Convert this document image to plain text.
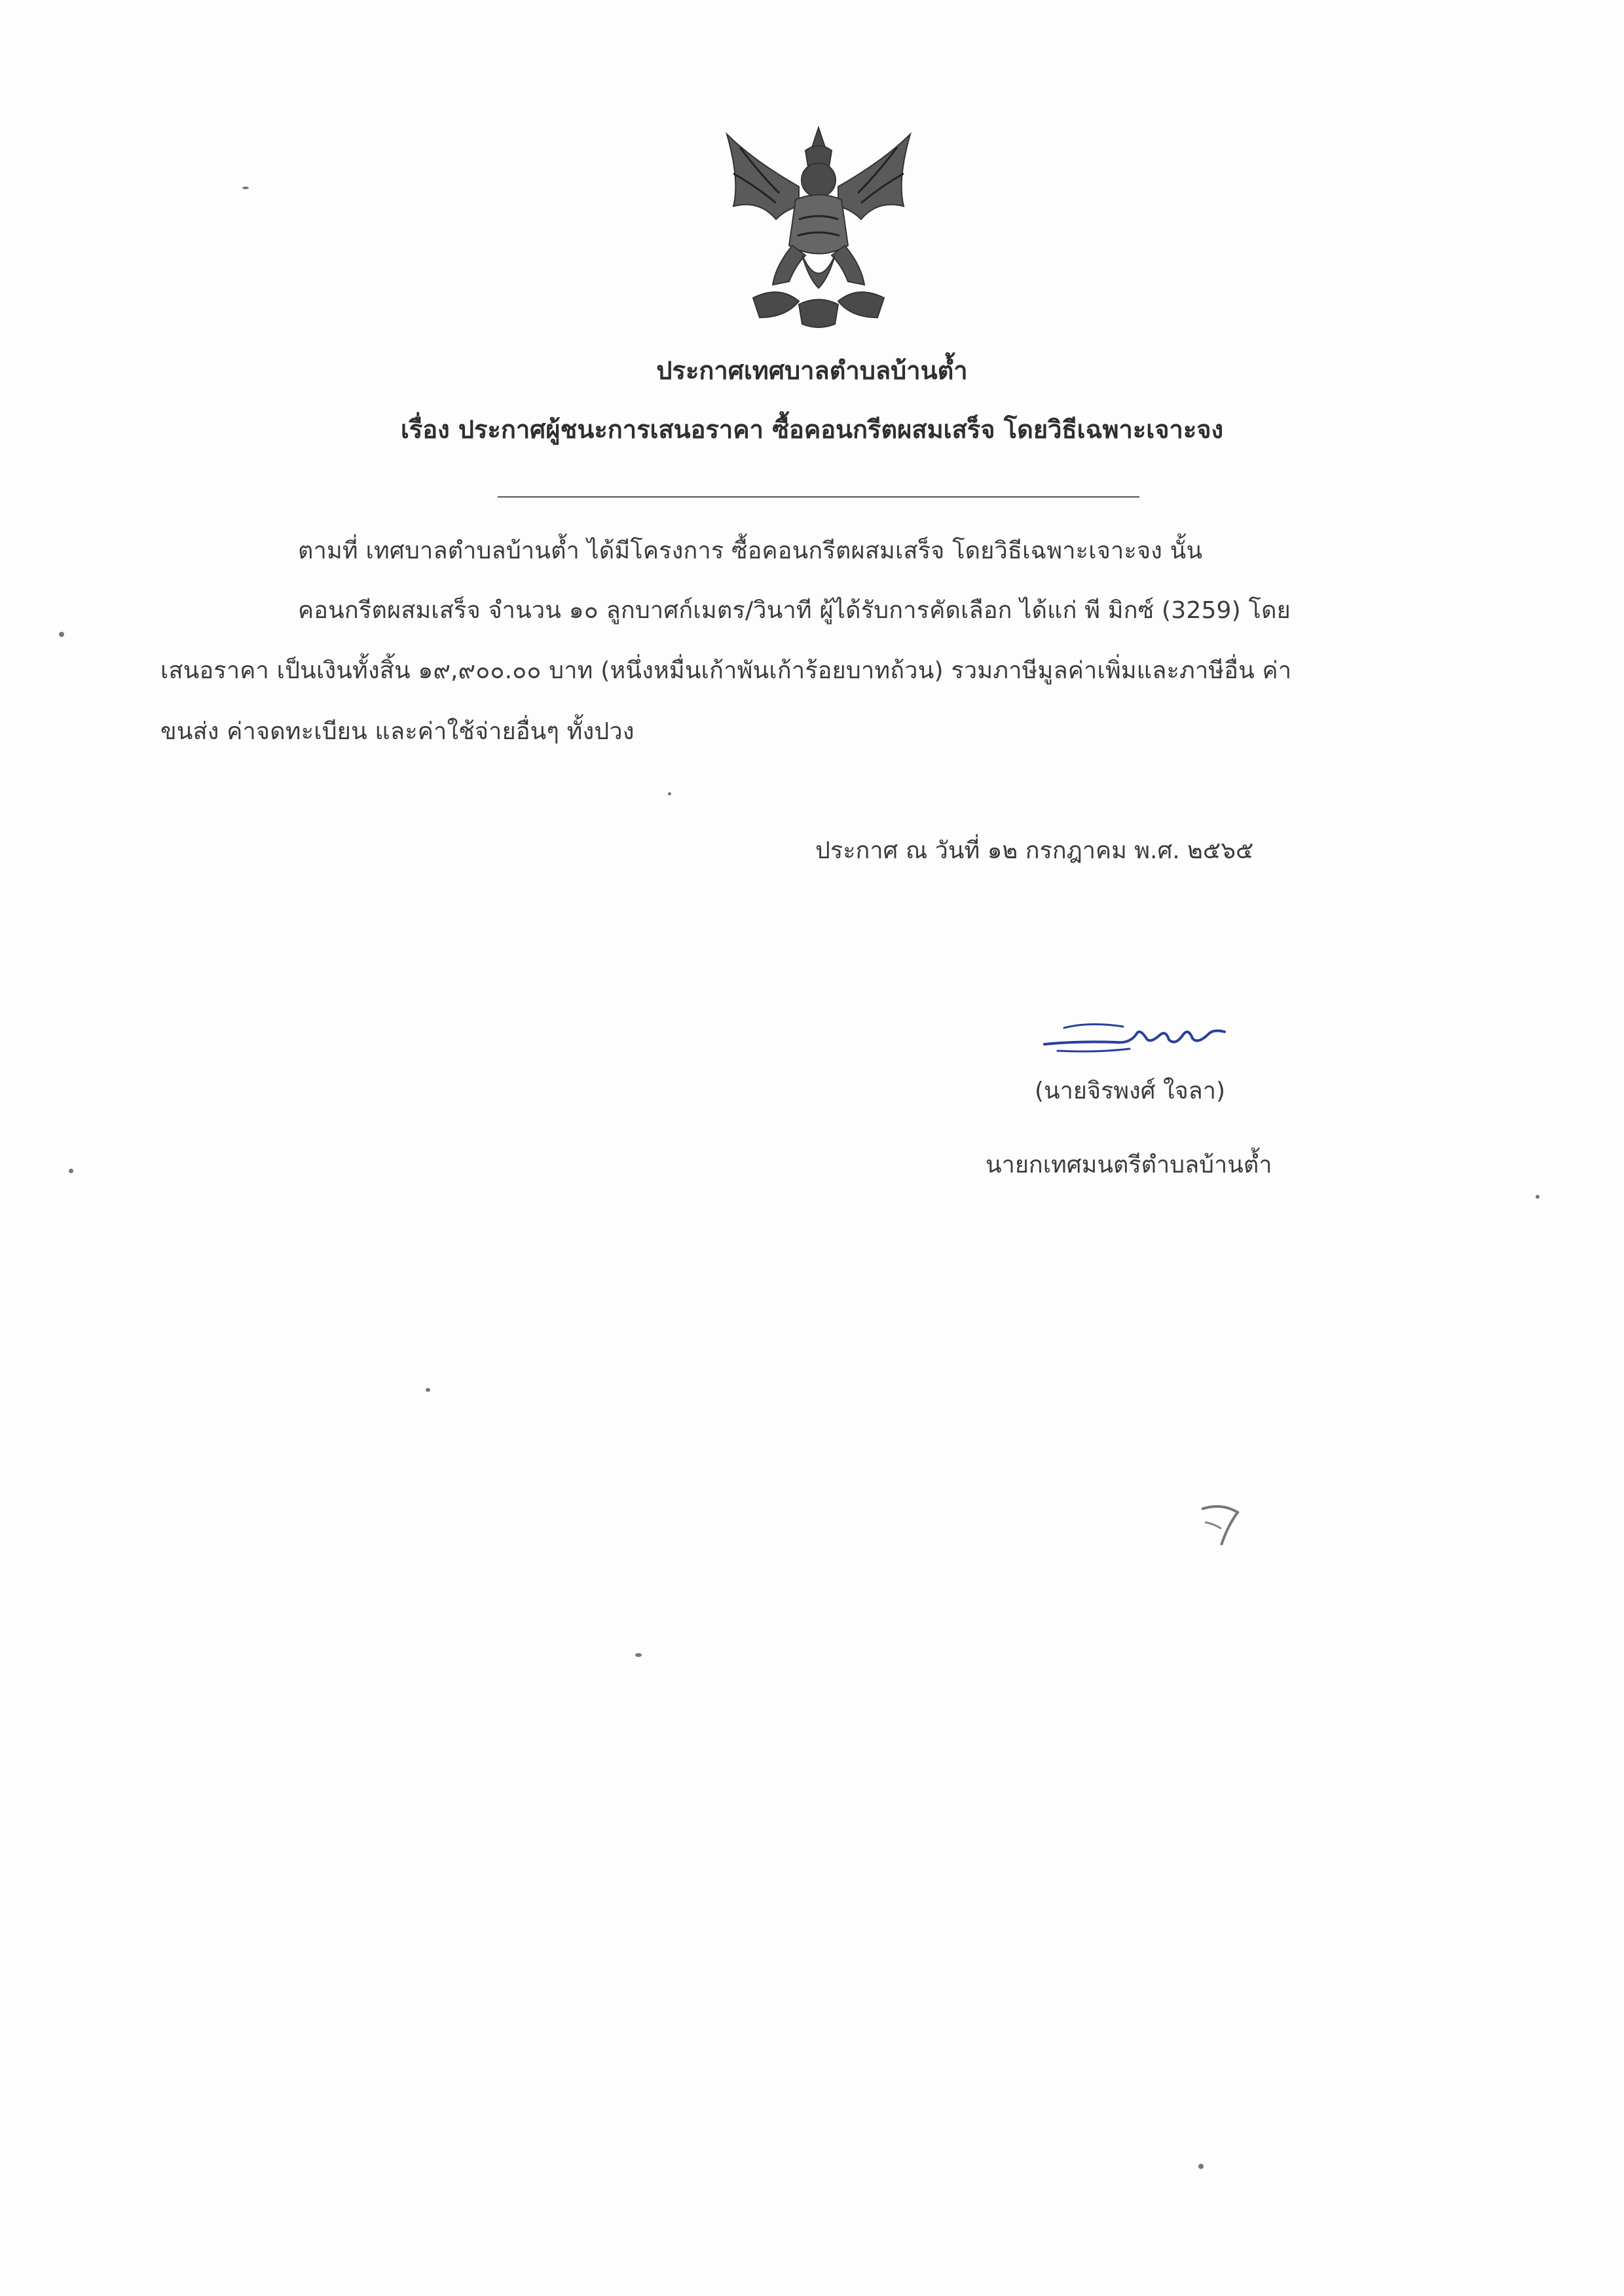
ประกาศเทศบาลตำบลบ้านต้ำ
เรื่อง ประกาศผู้ชนะการเสนอราคา ซื้อคอนกรีตผสมเสร็จ โดยวิธีเฉพาะเจาะจง
ตามที่ เทศบาลตำบลบ้านต้ำ ได้มีโครงการ ซื้อคอนกรีตผสมเสร็จ โดยวิธีเฉพาะเจาะจง นั้น
คอนกรีตผสมเสร็จ จำนวน ๑๐ ลูกบาศก์เมตร/วินาที ผู้ได้รับการคัดเลือก ได้แก่ พี มิกซ์ (3259) โดย
เสนอราคา เป็นเงินทั้งสิ้น ๑๙,๙๐๐.๐๐ บาท (หนึ่งหมื่นเก้าพันเก้าร้อยบาทถ้วน) รวมภาษีมูลค่าเพิ่มและภาษีอื่น ค่า
ขนส่ง ค่าจดทะเบียน และค่าใช้จ่ายอื่นๆ ทั้งปวง
ประกาศ ณ วันที่ ๑๒ กรกฎาคม พ.ศ. ๒๕๖๕
(นายจิรพงศ์ ใจลา)
นายกเทศมนตรีตำบลบ้านต้ำ
